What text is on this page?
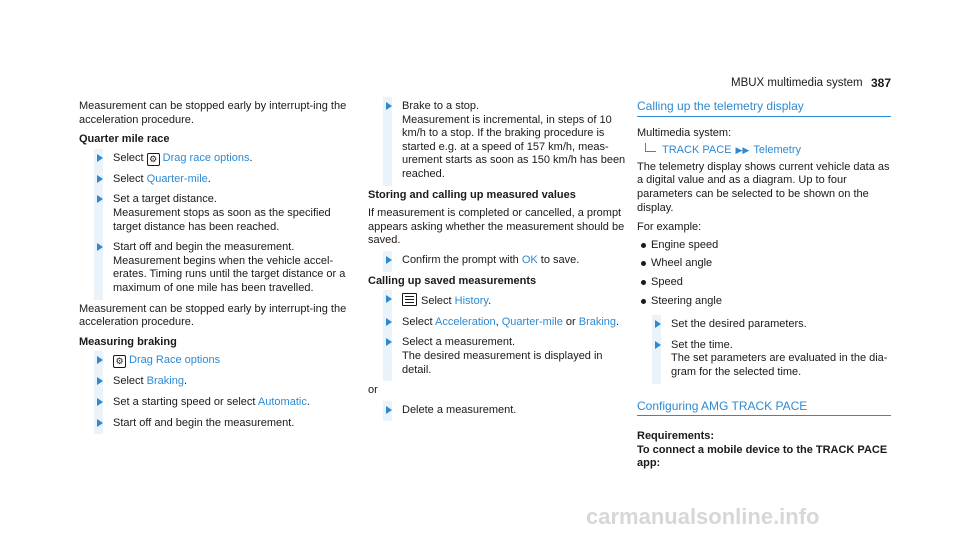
MBUX multimedia system 387

Measurement can be stopped early by interrupt-ing the acceleration procedure.

Quarter mile race
Select ⚙ Drag race options.
Select Quarter-mile.
Set a target distance.
Measurement stops as soon as the specified target distance has been reached.
Start off and begin the measurement.
Measurement begins when the vehicle accel-erates. Timing runs until the target distance or a maximum of one mile has been travelled.

Measurement can be stopped early by interrupt-ing the acceleration procedure.

Measuring braking
⚙ Drag Race options
Select Braking.
Set a starting speed or select Automatic.
Start off and begin the measurement.
Brake to a stop.
Measurement is incremental, in steps of 10 km/h to a stop. If the braking procedure is started e.g. at a speed of 157 km/h, meas-urement starts as soon as 150 km/h has been reached.
Storing and calling up measured values

If measurement is completed or cancelled, a prompt appears asking whether the measurement should be saved.

Confirm the prompt with OK to save.
Calling up saved measurements
Select History.
Select Acceleration, Quarter-mile or Braking.
Select a measurement.
The desired measurement is displayed in detail.

or

Delete a measurement.
Calling up the telemetry display

Multimedia system:

TRACK PACE ▶▶ Telemetry

The telemetry display shows current vehicle data as a digital value and as a diagram. Up to four parameters can be selected to be shown on the display.

For example:

Engine speed
Wheel angle
Speed
Steering angle
Set the desired parameters.
Set the time.
The set parameters are evaluated in the dia-gram for the selected time.
Configuring AMG TRACK PACE
Requirements:
To connect a mobile device to the TRACK PACE app:
carmanualsonline.info
